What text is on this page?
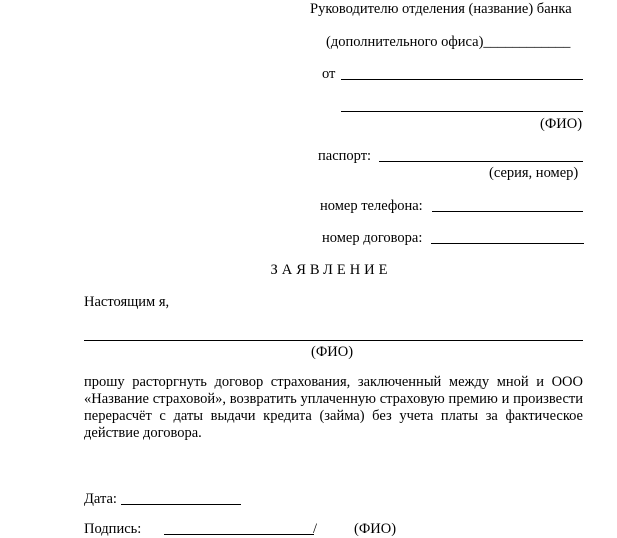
Руководителю отделения (название) банка
(дополнительного офиса)____________
от
(ФИО)
паспорт:
(серия, номер)
номер телефона:
номер договора:
ЗАЯВЛЕНИЕ
Настоящим я,
(ФИО)
прошу расторгнуть договор страхования, заключенный между мной и ООО «Название страховой», возвратить уплаченную страховую премию и произвести перерасчёт с даты выдачи кредита (займа) без учета платы за фактическое действие договора.
Дата:
Подпись:	/	(ФИО)
